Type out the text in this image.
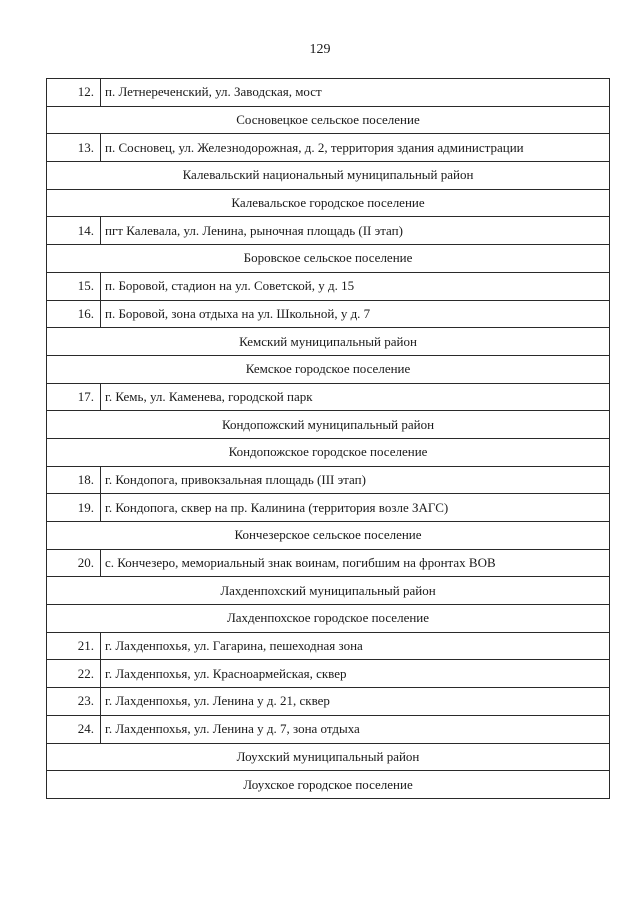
129
12. п. Летнереченский, ул. Заводская, мост
Сосновецкое сельское поселение
13. п. Сосновец, ул. Железнодорожная, д. 2, территория здания администрации
Калевальский национальный муниципальный район
Калевальское городское поселение
14. пгт Калевала, ул. Ленина, рыночная площадь (II этап)
Боровское сельское поселение
15. п. Боровой, стадион на ул. Советской, у д. 15
16. п. Боровой, зона отдыха на ул. Школьной, у д. 7
Кемский муниципальный район
Кемское городское поселение
17. г. Кемь, ул. Каменева, городской парк
Кондопожский муниципальный район
Кондопожское городское поселение
18. г. Кондопога, привокзальная площадь (III этап)
19. г. Кондопога, сквер на пр. Калинина (территория возле ЗАГС)
Кончезерское сельское поселение
20. с. Кончезеро, мемориальный знак воинам, погибшим на фронтах ВОВ
Лахденпохский муниципальный район
Лахденпохское городское поселение
21. г. Лахденпохья, ул. Гагарина, пешеходная зона
22. г. Лахденпохья, ул. Красноармейская, сквер
23. г. Лахденпохья, ул. Ленина у д. 21, сквер
24. г. Лахденпохья, ул. Ленина у д. 7, зона отдыха
Лоухский муниципальный район
Лоухское городское поселение
